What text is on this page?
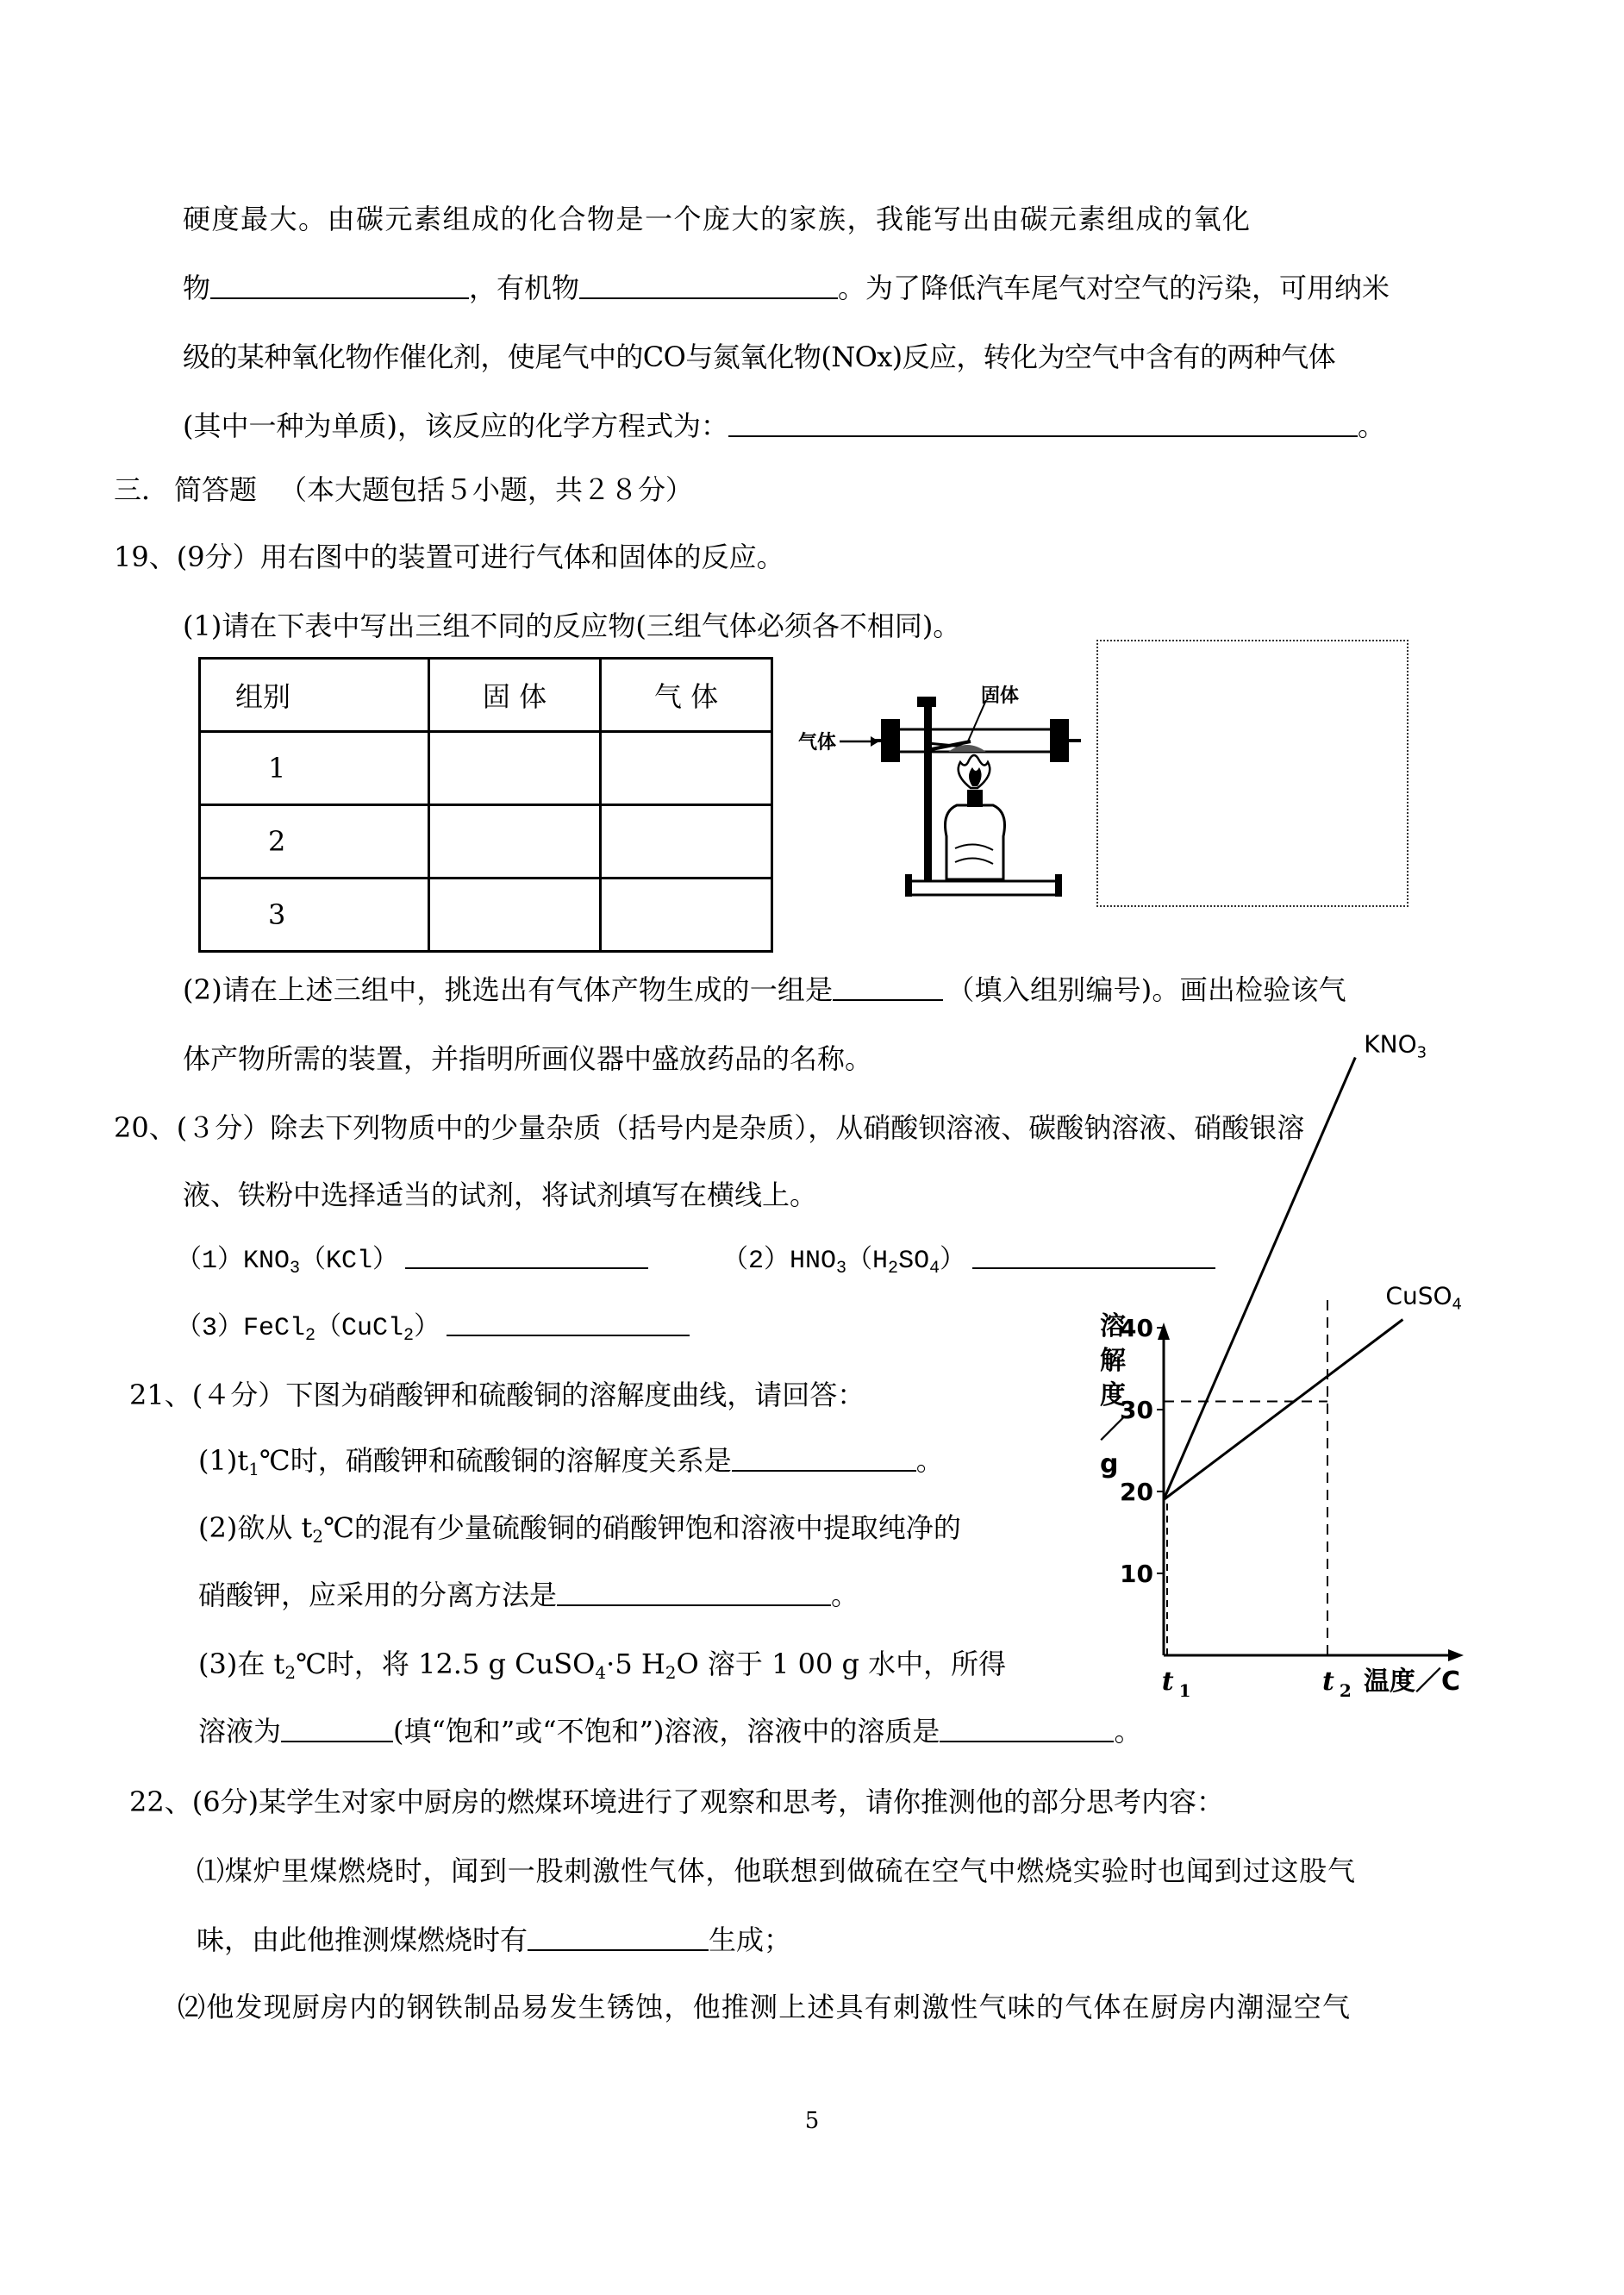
硬度最大。由碳元素组成的化合物是一个庞大的家族，我能写出由碳元素组成的氧化
物	，有机物	。为了降低汽车尾气对空气的污染，可用纳米
级的某种氧化物作催化剂，使尾气中的CO与氮氧化物(NOx)反应，转化为空气中含有的两种气体
(其中一种为单质)，该反应的化学方程式为：	。
三． 简答题 （本大题包括５小题，共２８分）
19、(9分）用右图中的装置可进行气体和固体的反应。
(1)请在下表中写出三组不同的反应物(三组气体必须各不相同)。
组别	固 体	气 体
1		
2		
3		
固体
气体
(2)请在上述三组中，挑选出有气体产物生成的一组是	（填入组别编号)。画出检验该气
体产物所需的装置，并指明所画仪器中盛放药品的名称。
20、(３分）除去下列物质中的少量杂质（括号内是杂质），从硝酸钡溶液、碳酸钠溶液、硝酸银溶
液、铁粉中选择适当的试剂，将试剂填写在横线上。
$(1)KNO_3(KCl)$	$(2)HNO_3(H_2SO_4)$
（3）FeCl$_2$（CuCl$_2$）
21、(４分）下图为硝酸钾和硫酸铜的溶解度曲线，请回答：
$(1)t_1℃$时，硝酸钾和硫酸铜的溶解度关系是	。
(2)欲从 $t_2℃$的混有少量硫酸铜的硝酸钾饱和溶液中提取纯净的
硝酸钾，应采用的分离方法是	。
(3)在 $t_2℃$时，将 12.5 g CuSO$_4$·5 $H_2O$ 溶于 1 00 g 水中，所得
溶液为	(填“饱和”或“不饱和”)溶液，溶液中的溶质是	。
溶解度／ g
温度／C
10
20
30
40
t $_1$	t $_2$
$KNO_3$
CuSO$_4$
22、(6分)某学生对家中厨房的燃煤环境进行了观察和思考，请你推测他的部分思考内容：
⑴煤炉里煤燃烧时，闻到一股刺激性气体，他联想到做硫在空气中燃烧实验时也闻到过这股气
味，由此他推测煤燃烧时有	生成；
⑵他发现厨房内的钢铁制品易发生锈蚀，他推测上述具有刺激性气味的气体在厨房内潮湿空气
5
